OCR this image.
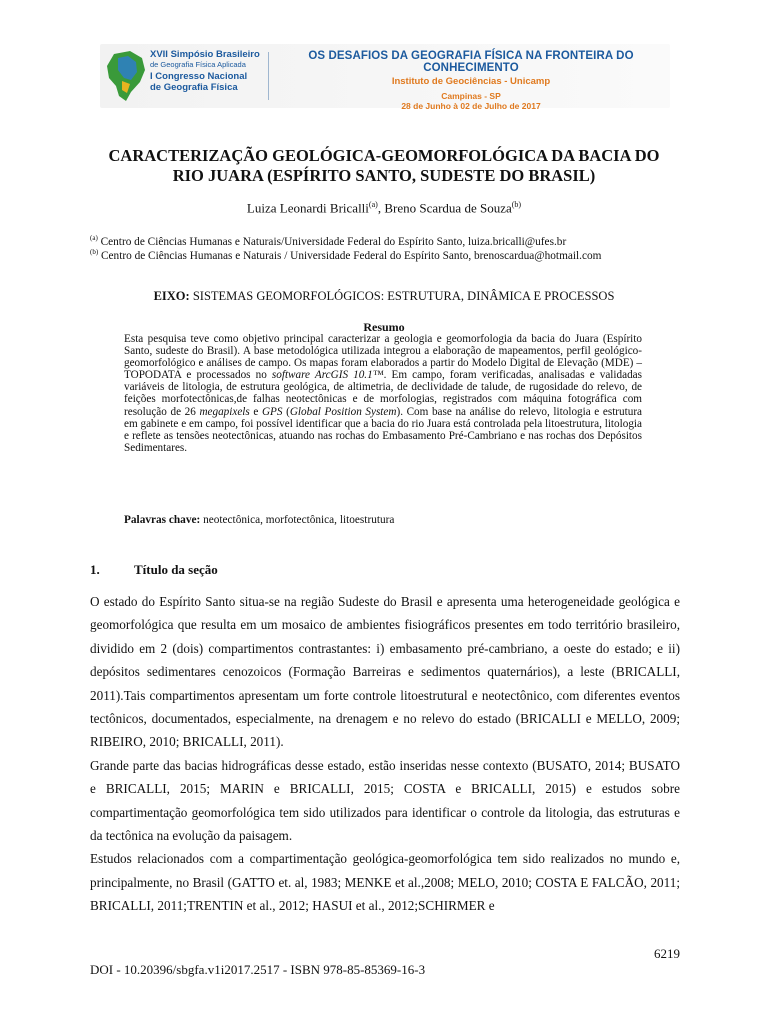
XVII Simpósio Brasileiro
de Geografia Física Aplicada
I Congresso Nacional
de Geografia Física
OS DESAFIOS DA GEOGRAFIA FÍSICA NA FRONTEIRA DO CONHECIMENTO
Instituto de Geociências - Unicamp
Campinas - SP
28 de Junho à 02 de Julho de 2017
CARACTERIZAÇÃO GEOLÓGICA-GEOMORFOLÓGICA DA BACIA DO
RIO JUARA (ESPÍRITO SANTO, SUDESTE DO BRASIL)
Luiza Leonardi Bricalli$^{(a)}$, Breno Scardua de Souza$^{(b)}$
$^{(a)}$ Centro de Ciências Humanas e Naturais/Universidade Federal do Espírito Santo, luiza.bricalli@ufes.br
$^{(b)}$ Centro de Ciências Humanas e Naturais / Universidade Federal do Espírito Santo, brenoscardua@hotmail.com
EIXO: SISTEMAS GEOMORFOLÓGICOS: ESTRUTURA, DINÂMICA E PROCESSOS
Resumo

Esta pesquisa teve como objetivo principal caracterizar a geologia e geomorfologia da bacia do Juara (Espírito Santo, sudeste do Brasil). A base metodológica utilizada integrou a elaboração de mapeamentos, perfil geológico-geomorfológico e análises de campo. Os mapas foram elaborados a partir do Modelo Digital de Elevação (MDE) – TOPODATA e processados no software ArcGIS 10.1™. Em campo, foram verificadas, analisadas e validadas variáveis de litologia, de estrutura geológica, de altimetria, de declividade de talude, de rugosidade do relevo, de feições morfotectônicas,de falhas neotectônicas e de morfologias, registrados com máquina fotográfica com resolução de 26 megapixels e GPS (Global Position System). Com base na análise do relevo, litologia e estrutura em gabinete e em campo, foi possível identificar que a bacia do rio Juara está controlada pela litoestrutura, litologia e reflete as tensões neotectônicas, atuando nas rochas do Embasamento Pré-Cambriano e nas rochas dos Depósitos Sedimentares.

Palavras chave: neotectônica, morfotectônica, litoestrutura
1.	Título da seção

O estado do Espírito Santo situa-se na região Sudeste do Brasil e apresenta uma heterogeneidade geológica e geomorfológica que resulta em um mosaico de ambientes fisiográficos presentes em todo território brasileiro, dividido em 2 (dois) compartimentos contrastantes: i) embasamento pré-cambriano, a oeste do estado; e ii) depósitos sedimentares cenozoicos (Formação Barreiras e sedimentos quaternários), a leste (BRICALLI, 2011).Tais compartimentos apresentam um forte controle litoestrutural e neotectônico, com diferentes eventos tectônicos, documentados, especialmente, na drenagem e no relevo do estado (BRICALLI e MELLO, 2009; RIBEIRO, 2010; BRICALLI, 2011).

Grande parte das bacias hidrográficas desse estado, estão inseridas nesse contexto (BUSATO, 2014; BUSATO e BRICALLI, 2015; MARIN e BRICALLI, 2015; COSTA e BRICALLI, 2015) e estudos sobre compartimentação geomorfológica tem sido utilizados para identificar o controle da litologia, das estruturas e da tectônica na evolução da paisagem.

Estudos relacionados com a compartimentação geológica-geomorfológica tem sido realizados no mundo e, principalmente, no Brasil (GATTO et. al, 1983; MENKE et al.,2008; MELO, 2010; COSTA E FALCÃO, 2011; BRICALLI, 2011;TRENTIN et al., 2012; HASUI et al., 2012;SCHIRMER e

6219
DOI - 10.20396/sbgfa.v1i2017.2517 - ISBN 978-85-85369-16-3
